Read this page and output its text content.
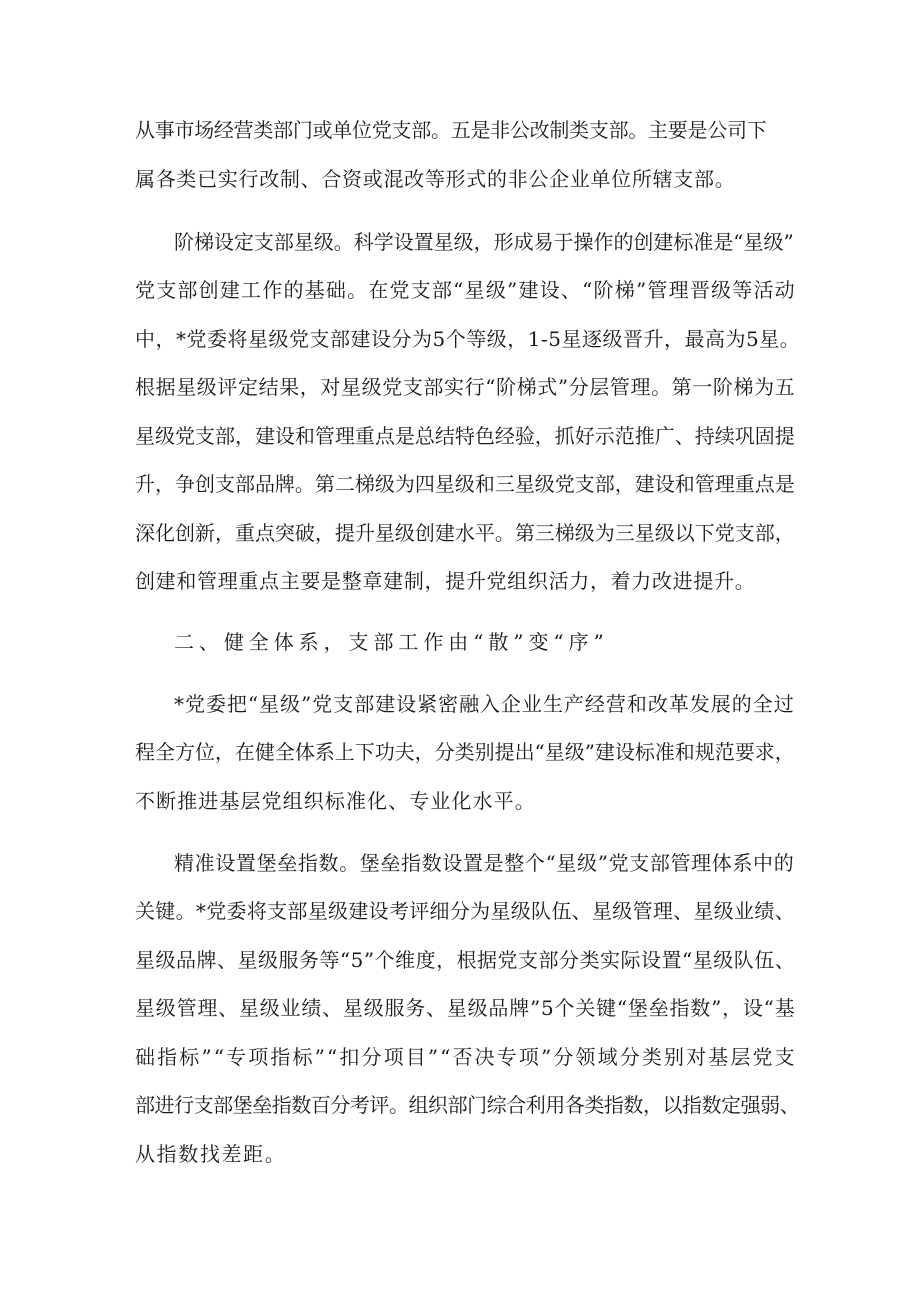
从事市场经营类部门或单位党支部。五是非公改制类支部。主要是公司下
属各类已实行改制、合资或混改等形式的非公企业单位所辖支部。
阶梯设定支部星级。科学设置星级，形成易于操作的创建标准是“星级”
党支部创建工作的基础。在党支部“星级”建设、“阶梯”管理晋级等活动
中，*党委将星级党支部建设分为5个等级，1-5星逐级晋升，最高为5星。
根据星级评定结果，对星级党支部实行“阶梯式”分层管理。第一阶梯为五
星级党支部，建设和管理重点是总结特色经验，抓好示范推广、持续巩固提
升，争创支部品牌。第二梯级为四星级和三星级党支部，建设和管理重点是
深化创新，重点突破，提升星级创建水平。第三梯级为三星级以下党支部，
创建和管理重点主要是整章建制，提升党组织活力，着力改进提升。
二、健全体系，支部工作由“散”变“序”
*党委把“星级”党支部建设紧密融入企业生产经营和改革发展的全过
程全方位，在健全体系上下功夫，分类别提出“星级”建设标准和规范要求，
不断推进基层党组织标准化、专业化水平。
精准设置堡垒指数。堡垒指数设置是整个“星级”党支部管理体系中的
关键。*党委将支部星级建设考评细分为星级队伍、星级管理、星级业绩、
星级品牌、星级服务等“5”个维度，根据党支部分类实际设置“星级队伍、
星级管理、星级业绩、星级服务、星级品牌”5个关键“堡垒指数”，设“基
础指标”“专项指标”“扣分项目”“否决专项”分领域分类别对基层党支
部进行支部堡垒指数百分考评。组织部门综合利用各类指数，以指数定强弱、
从指数找差距。
